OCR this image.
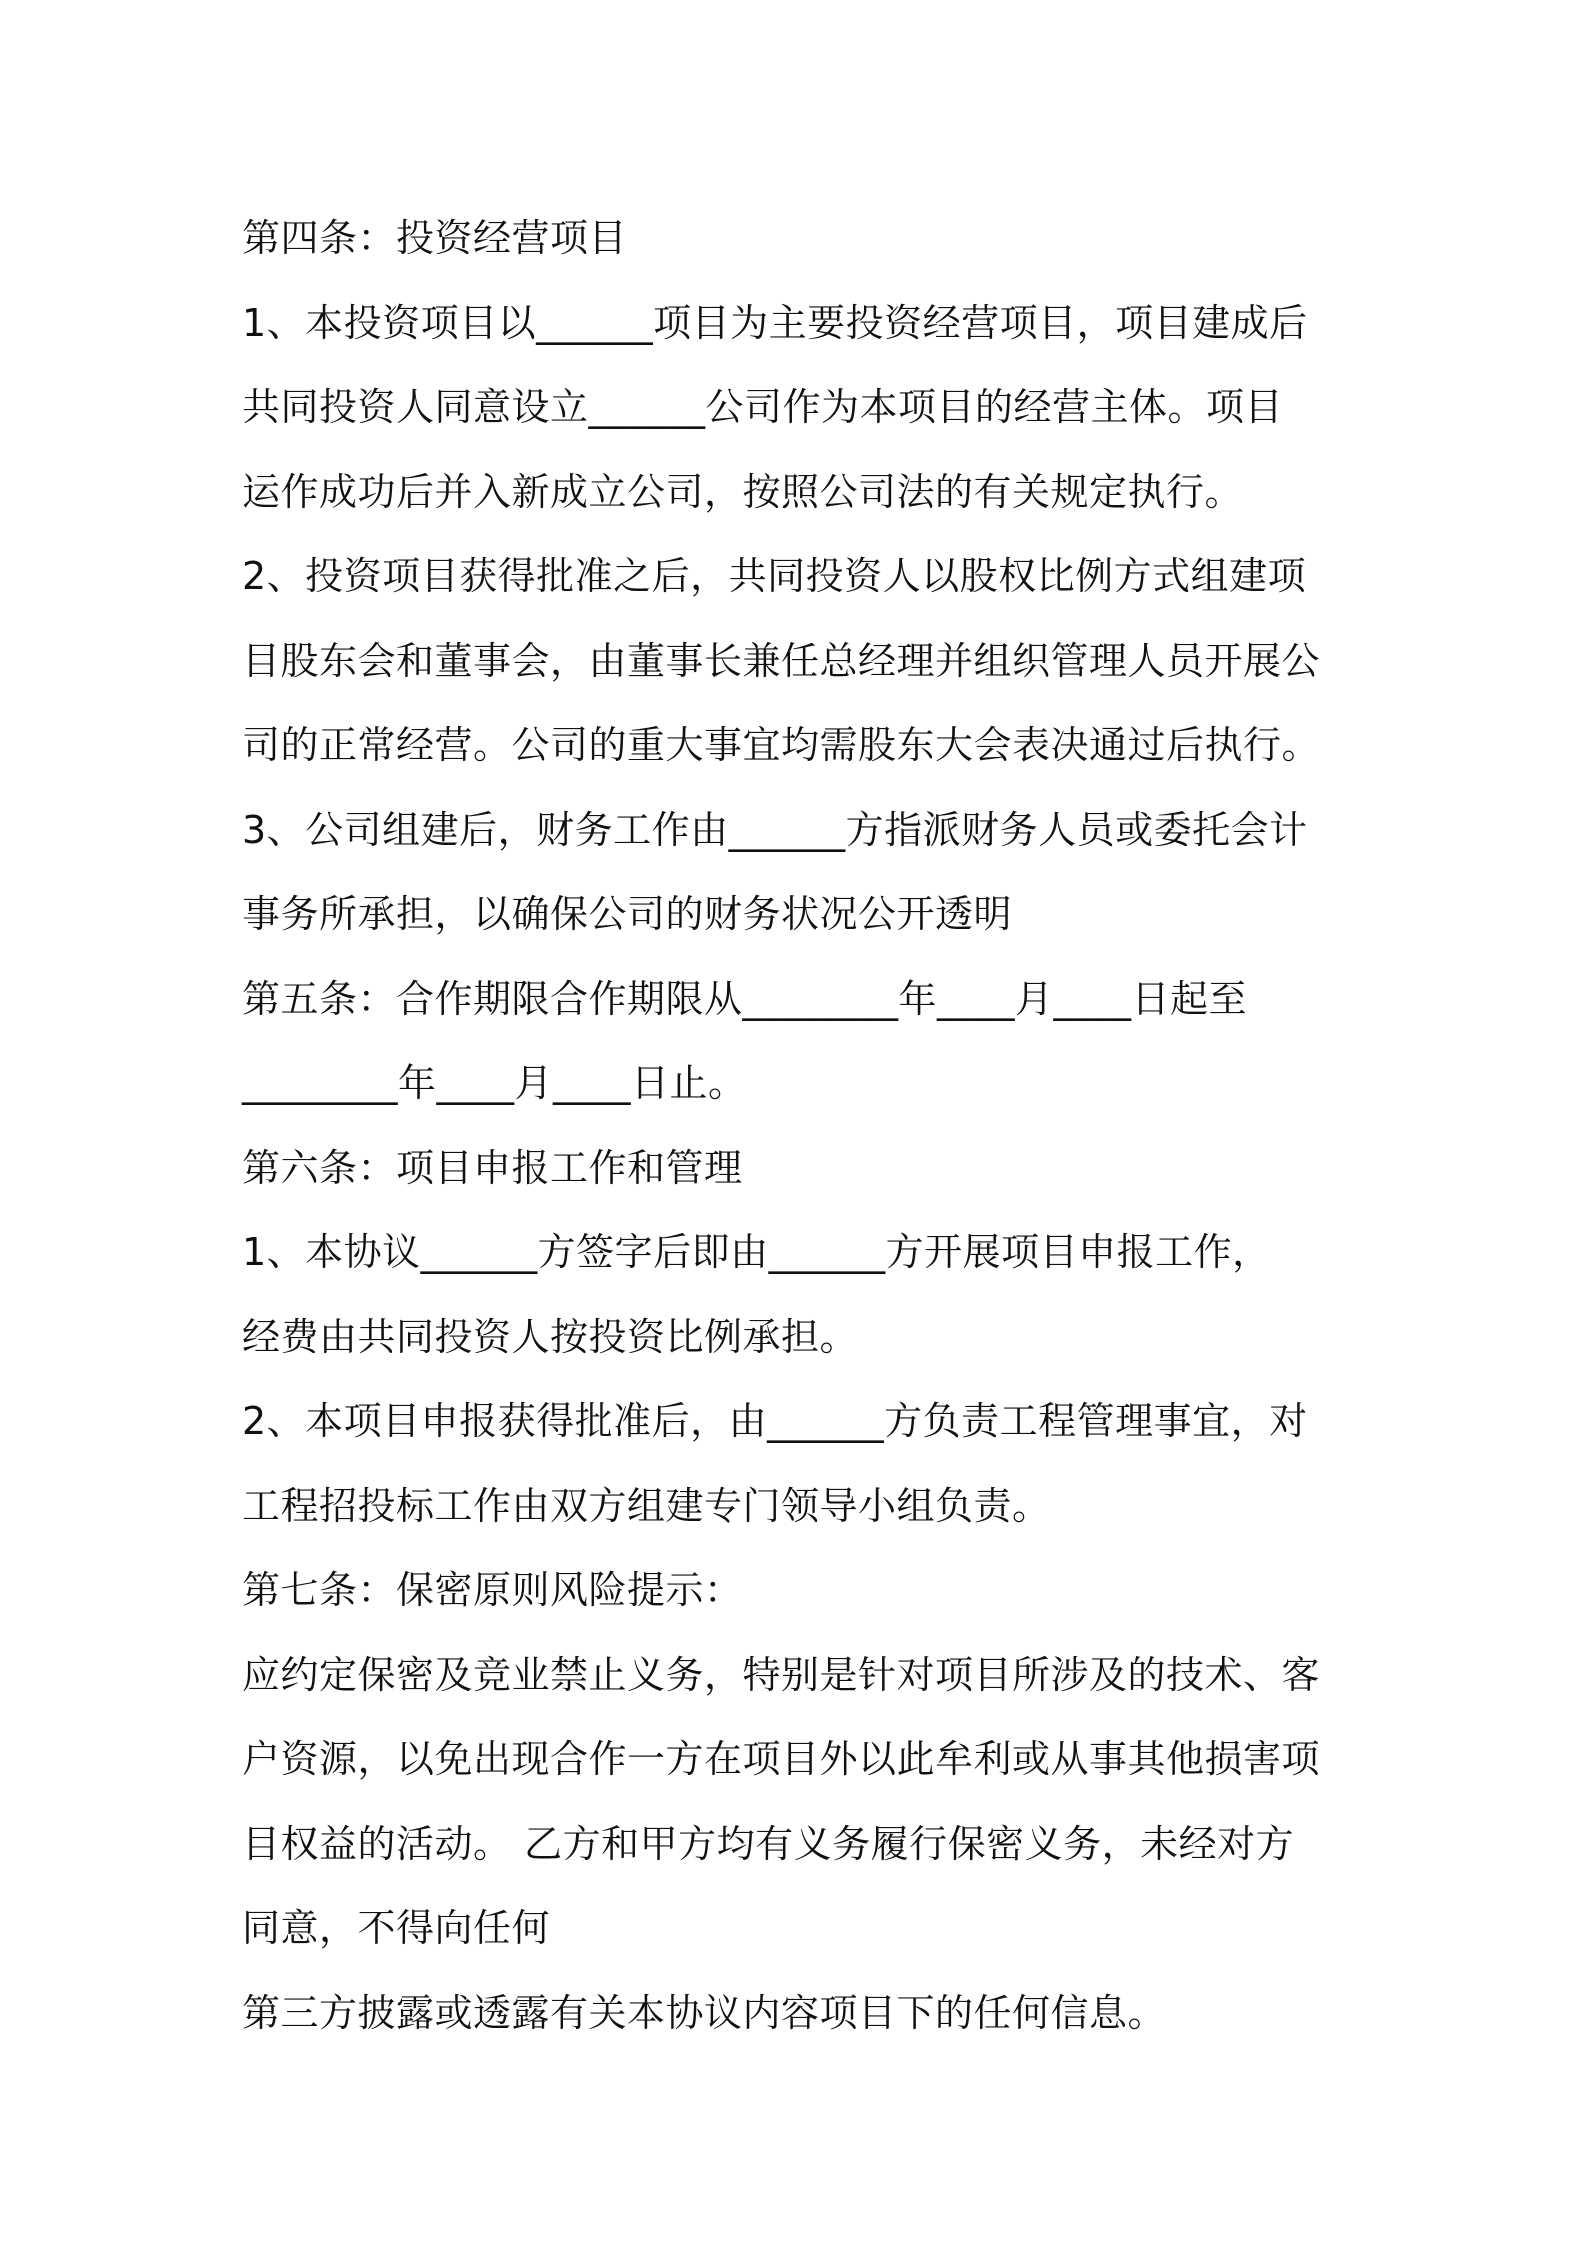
第四条：投资经营项目
1、本投资项目以______项目为主要投资经营项目，项目建成后
共同投资人同意设立______公司作为本项目的经营主体。项目
运作成功后并入新成立公司，按照公司法的有关规定执行。
2、投资项目获得批准之后，共同投资人以股权比例方式组建项
目股东会和董事会，由董事长兼任总经理并组织管理人员开展公
司的正常经营。公司的重大事宜均需股东大会表决通过后执行。
3、公司组建后，财务工作由______方指派财务人员或委托会计
事务所承担，以确保公司的财务状况公开透明
第五条：合作期限合作期限从________年____月____日起至
________年____月____日止。
第六条：项目申报工作和管理
1、本协议______方签字后即由______方开展项目申报工作，
经费由共同投资人按投资比例承担。
2、本项目申报获得批准后，由______方负责工程管理事宜，对
工程招投标工作由双方组建专门领导小组负责。
第七条：保密原则风险提示：
应约定保密及竞业禁止义务，特别是针对项目所涉及的技术、客
户资源，以免出现合作一方在项目外以此牟利或从事其他损害项
目权益的活动。 乙方和甲方均有义务履行保密义务，未经对方
同意，不得向任何
第三方披露或透露有关本协议内容项目下的任何信息。
